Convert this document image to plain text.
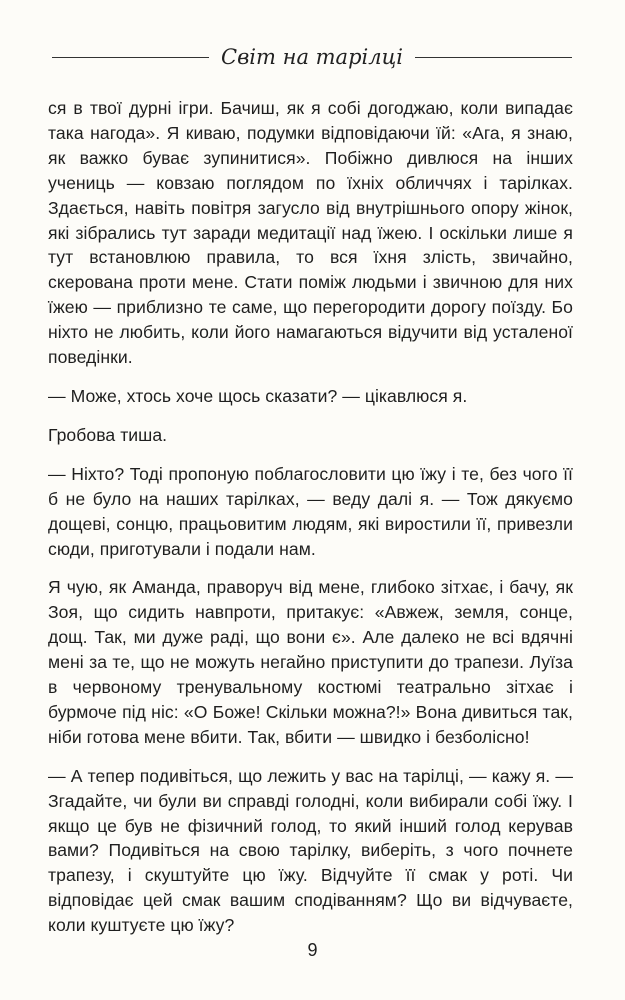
Світ на тарілці

ся в твої дурні ігри. Бачиш, як я собі догоджаю, коли випадає така нагода». Я киваю, подумки відповідаючи їй: «Ага, я знаю, як важко буває зупинитися». Побіжно дивлюся на інших учениць — ковзаю поглядом по їхніх обличчях і тарілках. Здається, навіть повітря загусло від внутрішнього опору жінок, які зібрались тут заради медитації над їжею. І оскільки лише я тут встановлюю правила, то вся їхня злість, звичайно, скерована проти мене. Стати поміж людьми і звичною для них їжею — приблизно те саме, що перегородити дорогу поїзду. Бо ніхто не любить, коли його намагаються відучити від усталеної поведінки.

— Може, хтось хоче щось сказати? — цікавлюся я.

Гробова тиша.

— Ніхто? Тоді пропоную поблагословити цю їжу і те, без чого її б не було на наших тарілках, — веду далі я. — Тож дякуємо дощеві, сонцю, працьовитим людям, які виростили її, привезли сюди, приготували і подали нам.

Я чую, як Аманда, праворуч від мене, глибоко зітхає, і бачу, як Зоя, що сидить навпроти, притакує: «Авжеж, земля, сонце, дощ. Так, ми дуже раді, що вони є». Але далеко не всі вдячні мені за те, що не можуть негайно приступити до трапези. Луїза в червоному тренувальному костюмі театрально зітхає і бурмоче під ніс: «О Боже! Скільки можна?!» Вона дивиться так, ніби готова мене вбити. Так, вбити — швидко і безболісно!

— А тепер подивіться, що лежить у вас на тарілці, — кажу я. — Згадайте, чи були ви справді голодні, коли вибирали собі їжу. І якщо це був не фізичний голод, то який інший голод керував вами? Подивіться на свою тарілку, виберіть, з чого почнете трапезу, і скуштуйте цю їжу. Відчуйте її смак у роті. Чи відповідає цей смак вашим сподіванням? Що ви відчуваєте, коли куштуєте цю їжу?

9
